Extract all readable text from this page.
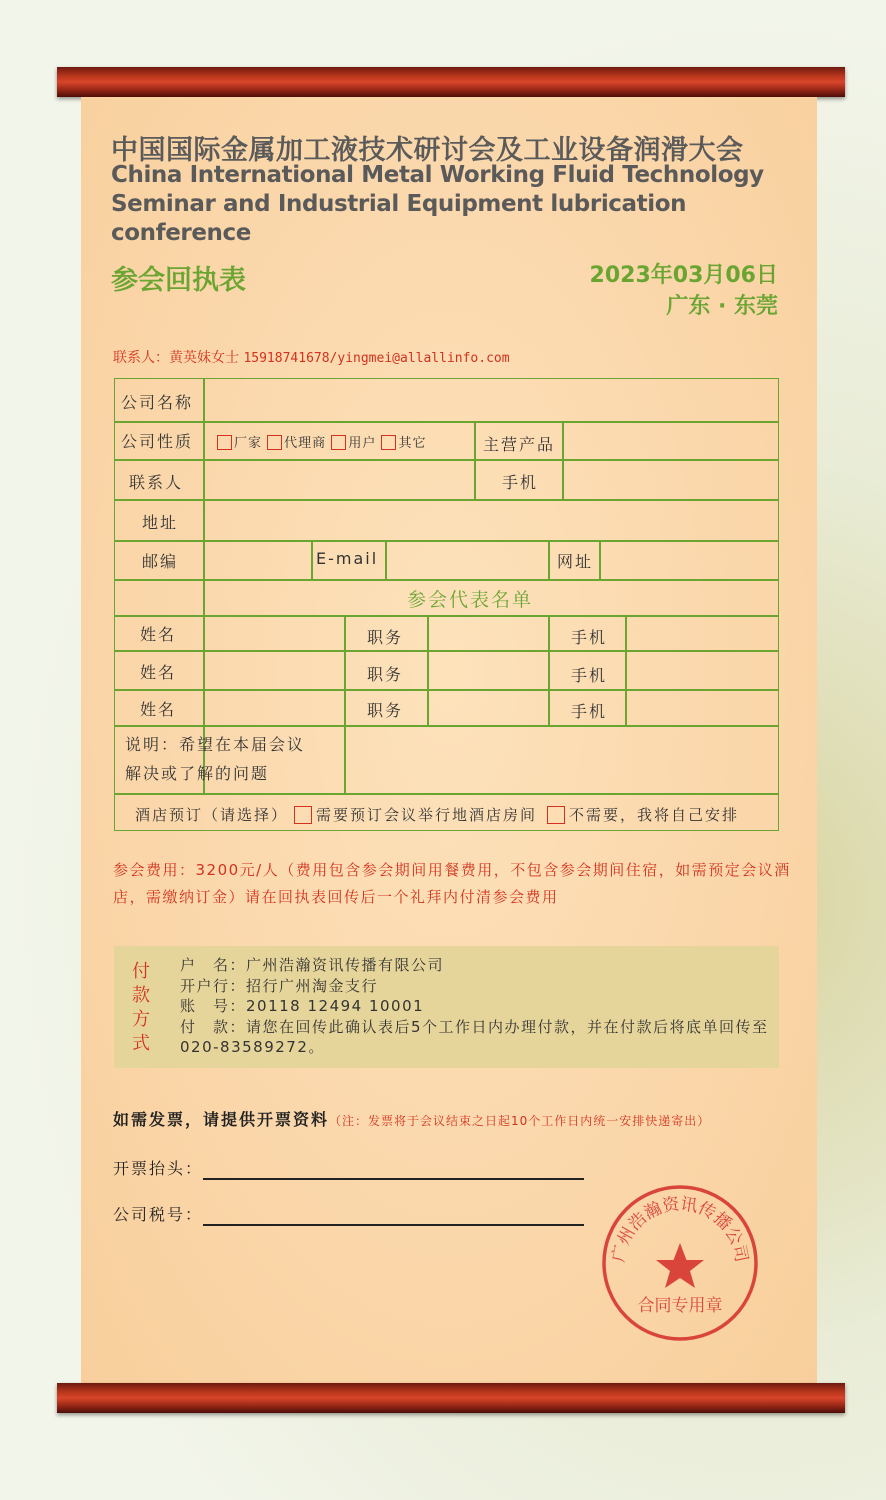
中国国际金属加工液技术研讨会及工业设备润滑大会
China International Metal Working Fluid Technology Seminar and Industrial Equipment lubrication conference
参会回执表	2023年03月06日
广东 · 东莞
联系人：黄英妹女士 15918741678/yingmei@allallinfo.com
公司名称
公司性质	厂家 代理商 用户 其它	主营产品
联系人	手机
地址
邮编	E-mail	网址
参会代表名单
姓名	职务	手机
姓名	职务	手机
姓名	职务	手机
说明：希望在本届会议
解决或了解的问题
酒店预订（请选择） 需要预订会议举行地酒店房间 不需要，我将自己安排
参会费用：3200元/人（费用包含参会期间用餐费用，不包含参会期间住宿，如需预定会议酒店，需缴纳订金）请在回执表回传后一个礼拜内付清参会费用
付款方式
户　名：广州浩瀚资讯传播有限公司
开户行：招行广州淘金支行
账　号：20118 12494 10001
付　款：请您在回传此确认表后5个工作日内办理付款，并在付款后将底单回传至020-83589272。
如需发票，请提供开票资料（注：发票将于会议结束之日起10个工作日内统一安排快递寄出）
开票抬头：
公司税号：
广州浩瀚资讯传播公司
合同专用章
